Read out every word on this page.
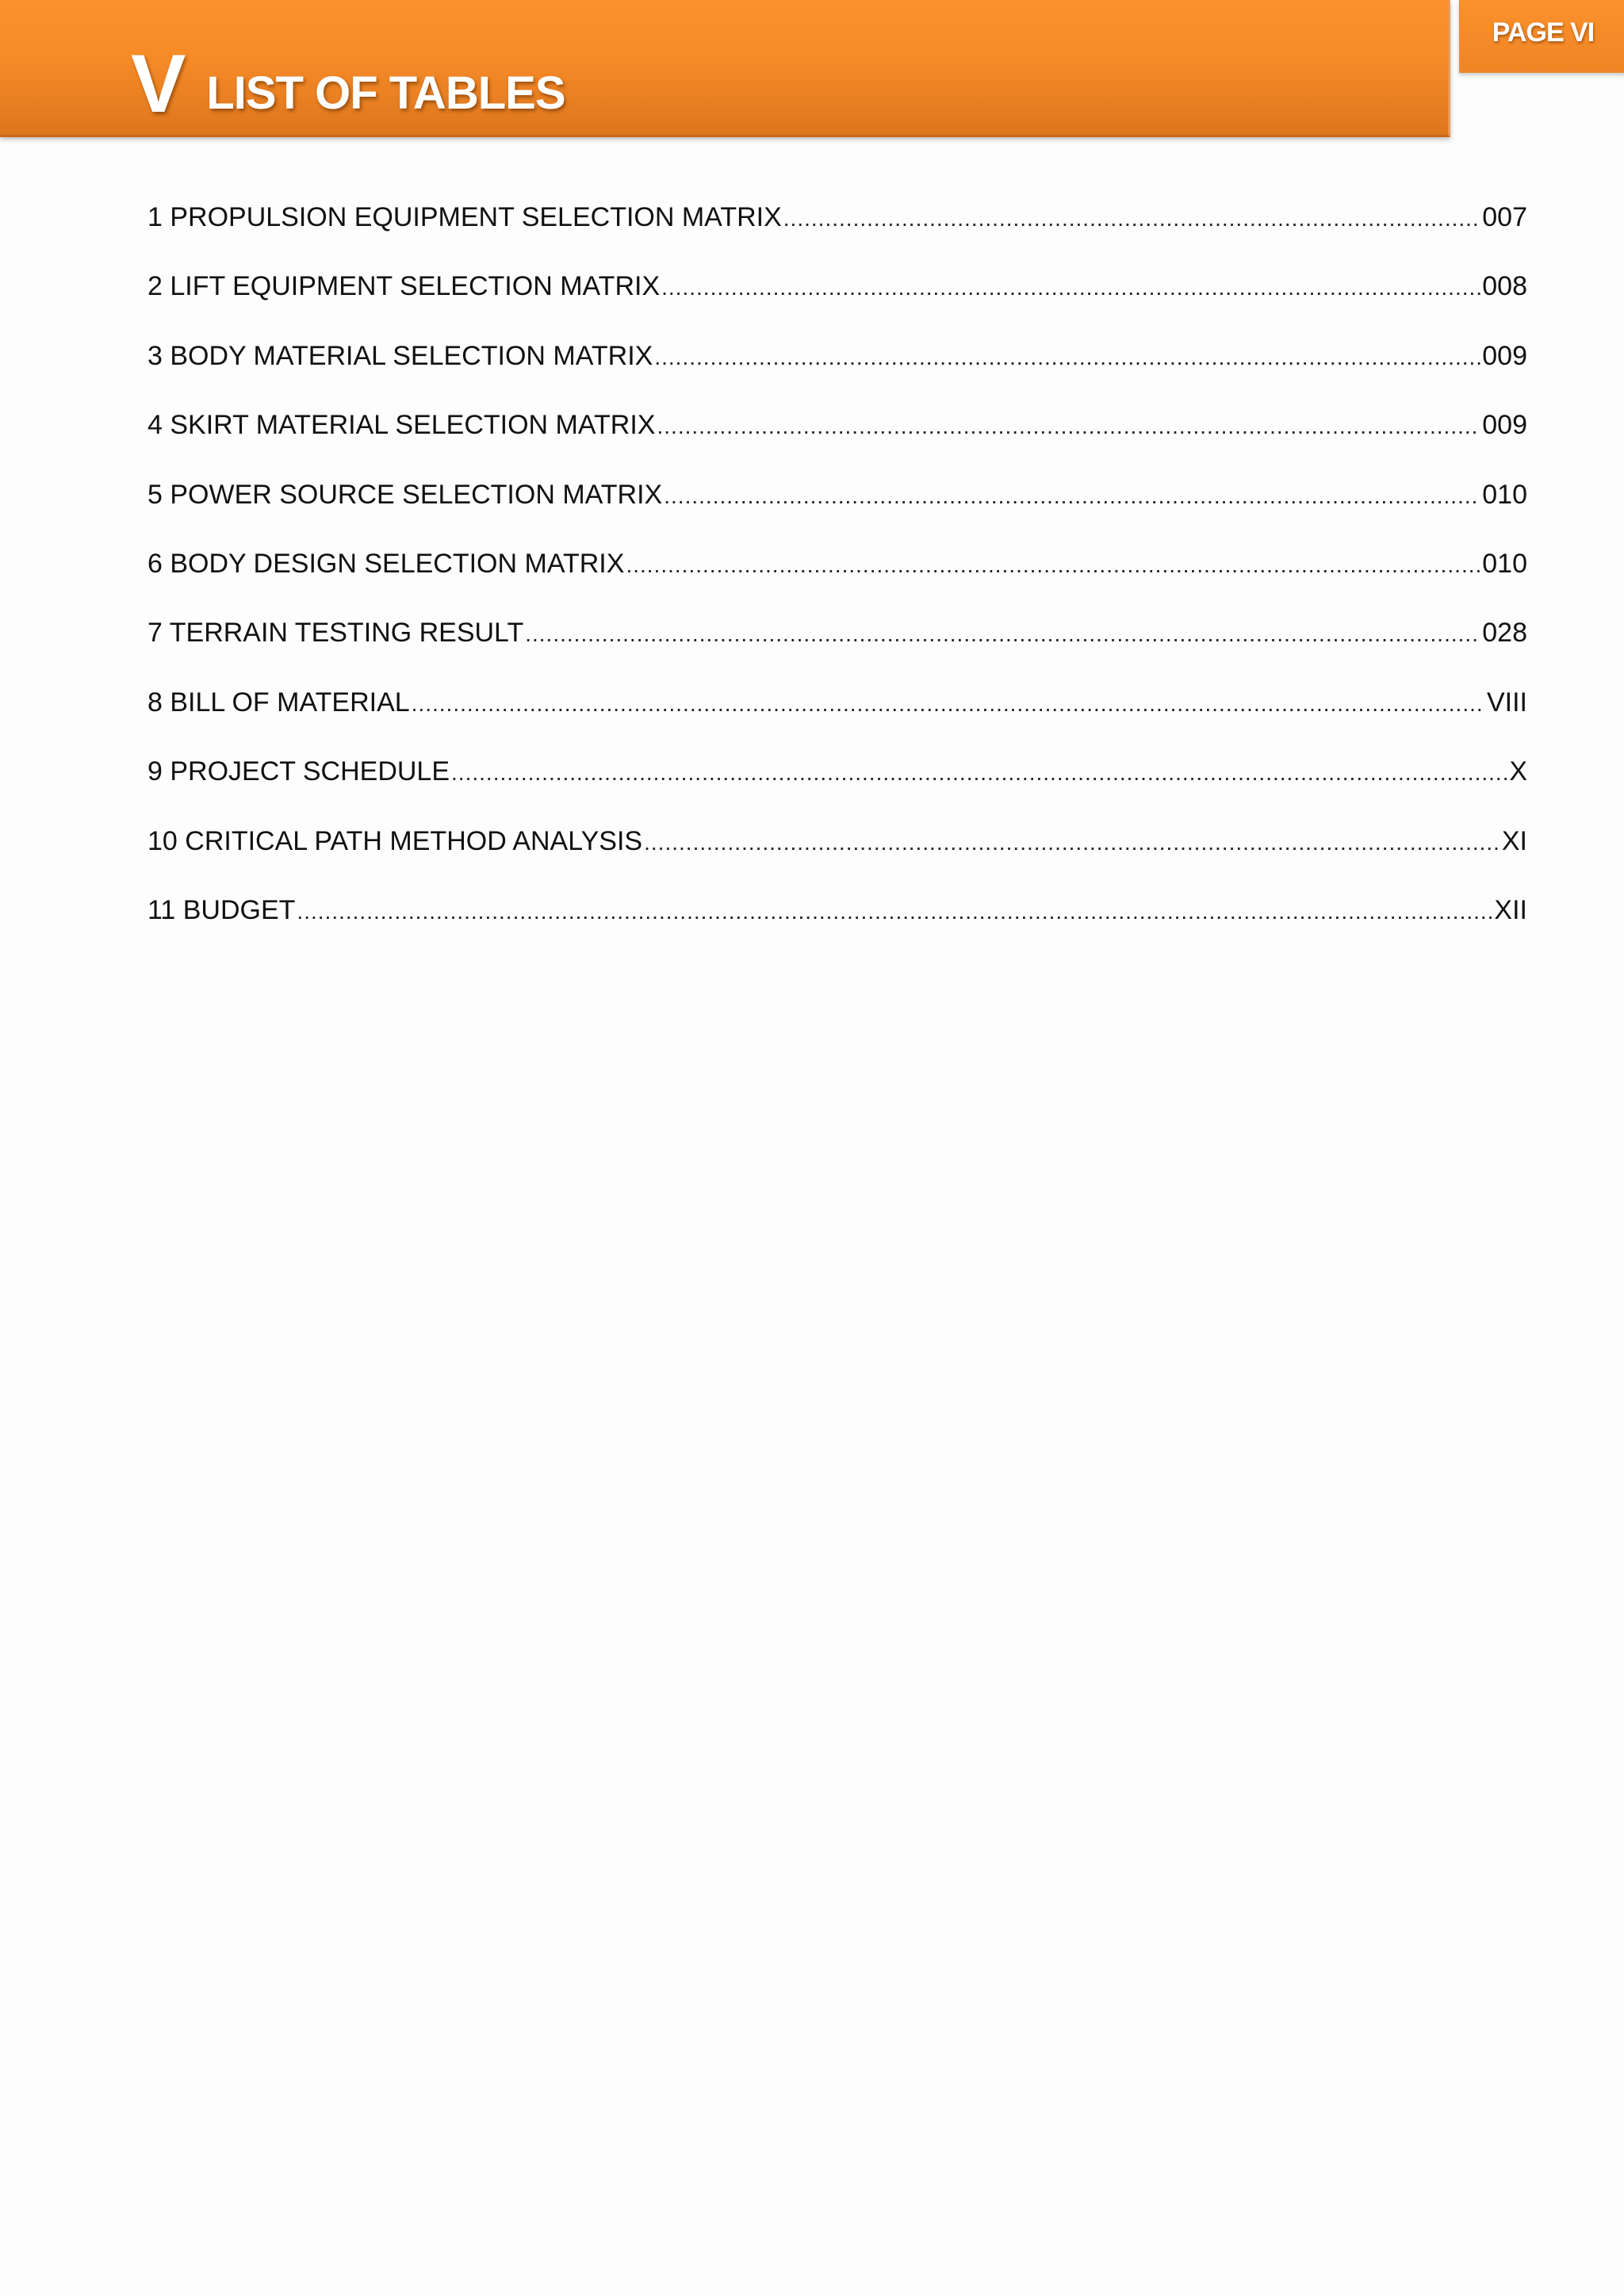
V LIST OF TABLES
PAGE VI
1 PROPULSION EQUIPMENT SELECTION MATRIX .....	007
2 LIFT EQUIPMENT SELECTION MATRIX .....	008
3 BODY MATERIAL SELECTION MATRIX .....	009
4 SKIRT MATERIAL SELECTION MATRIX .....	009
5 POWER SOURCE SELECTION MATRIX .....	010
6 BODY DESIGN SELECTION MATRIX .....	010
7 TERRAIN TESTING RESULT .....	028
8 BILL OF MATERIAL .....	VIII
9 PROJECT SCHEDULE .....	X
10 CRITICAL PATH METHOD ANALYSIS .....	XI
11 BUDGET .....	XII
